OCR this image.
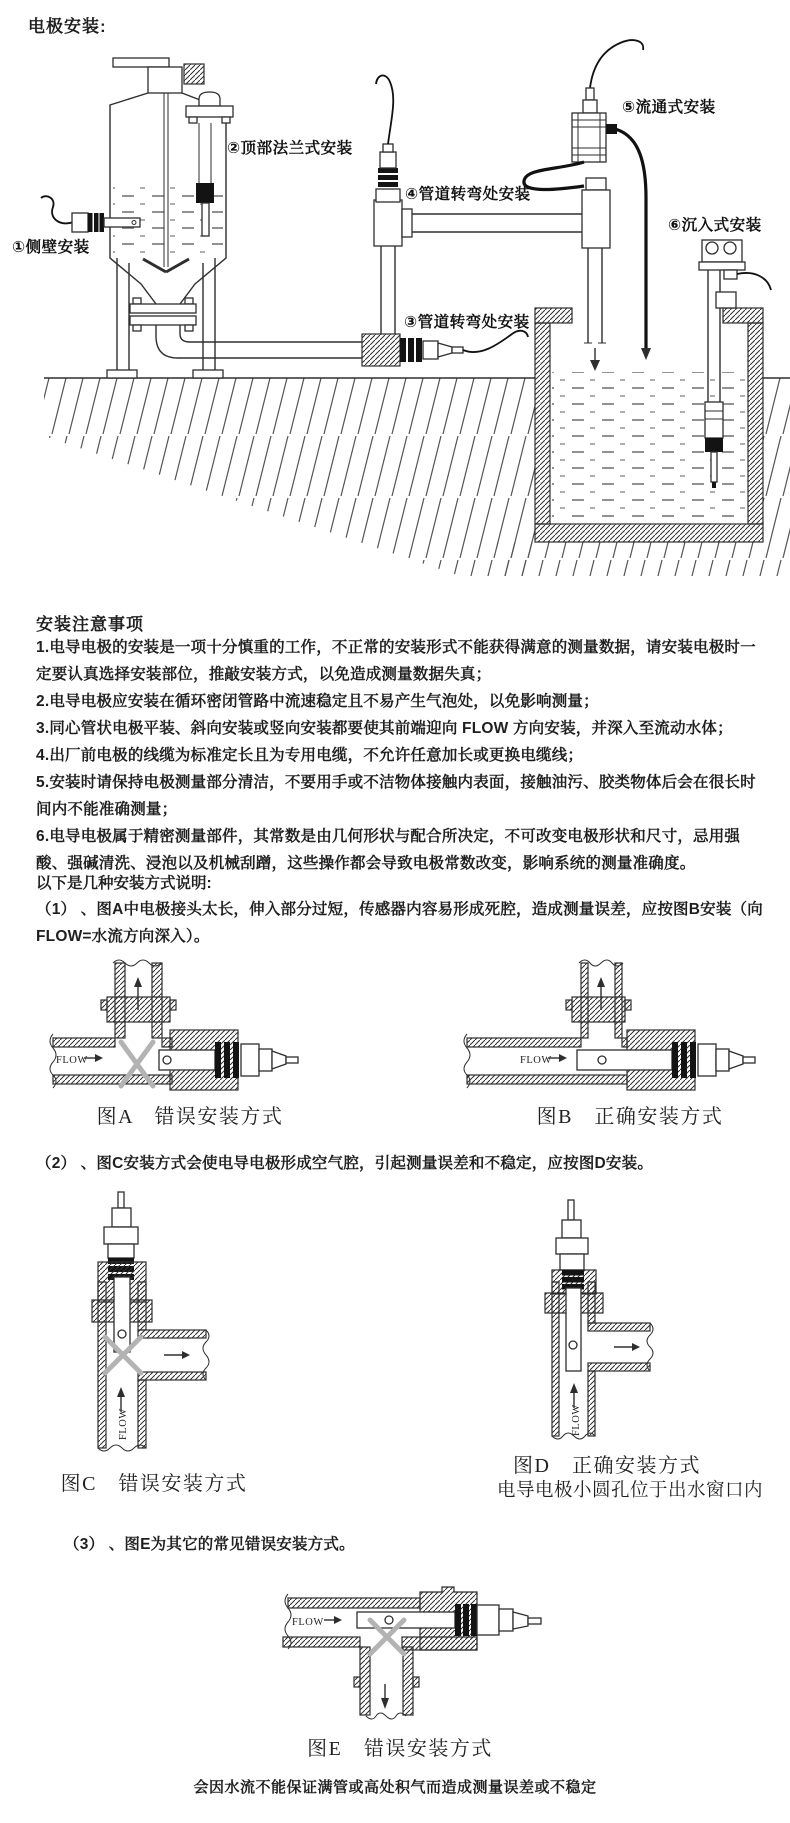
电极安装:
①侧壁安装
②顶部法兰式安装
④管道转弯处安装
③管道转弯处安装
⑤流通式安装
⑥沉入式安装
安装注意事项

1.电导电极的安装是一项十分慎重的工作，不正常的安装形式不能获得满意的测量数据，请安装电极时一定要认真选择安装部位，推敲安装方式，以免造成测量数据失真；

2.电导电极应安装在循环密闭管路中流速稳定且不易产生气泡处，以免影响测量；

3.同心管状电极平装、斜向安装或竖向安装都要使其前端迎向 FLOW 方向安装，并深入至流动水体；

4.出厂前电极的线缆为标准定长且为专用电缆，不允许任意加长或更换电缆线；

5.安装时请保持电极测量部分清洁，不要用手或不洁物体接触内表面，接触油污、胶类物体后会在很长时间内不能准确测量；

6.电导电极属于精密测量部件，其常数是由几何形状与配合所决定，不可改变电极形状和尺寸，忌用强酸、强碱清洗、浸泡以及机械刮蹭，这些操作都会导致电极常数改变，影响系统的测量准确度。

以下是几种安装方式说明:
（1） 、图A中电极接头太长，伸入部分过短，传感器内容易形成死腔，造成测量误差，应按图B安装（向FLOW=水流方向深入）。
FLOW	FLOW
图A　错误安装方式	图B　正确安装方式
（2） 、图C安装方式会使电导电极形成空气腔，引起测量误差和不稳定，应按图D安装。
FLOW	FLOW
图C　错误安装方式
图D　正确安装方式
电导电极小圆孔位于出水窗口内
（3） 、图E为其它的常见错误安装方式。
FLOW
图E　错误安装方式
会因水流不能保证满管或高处积气而造成测量误差或不稳定
